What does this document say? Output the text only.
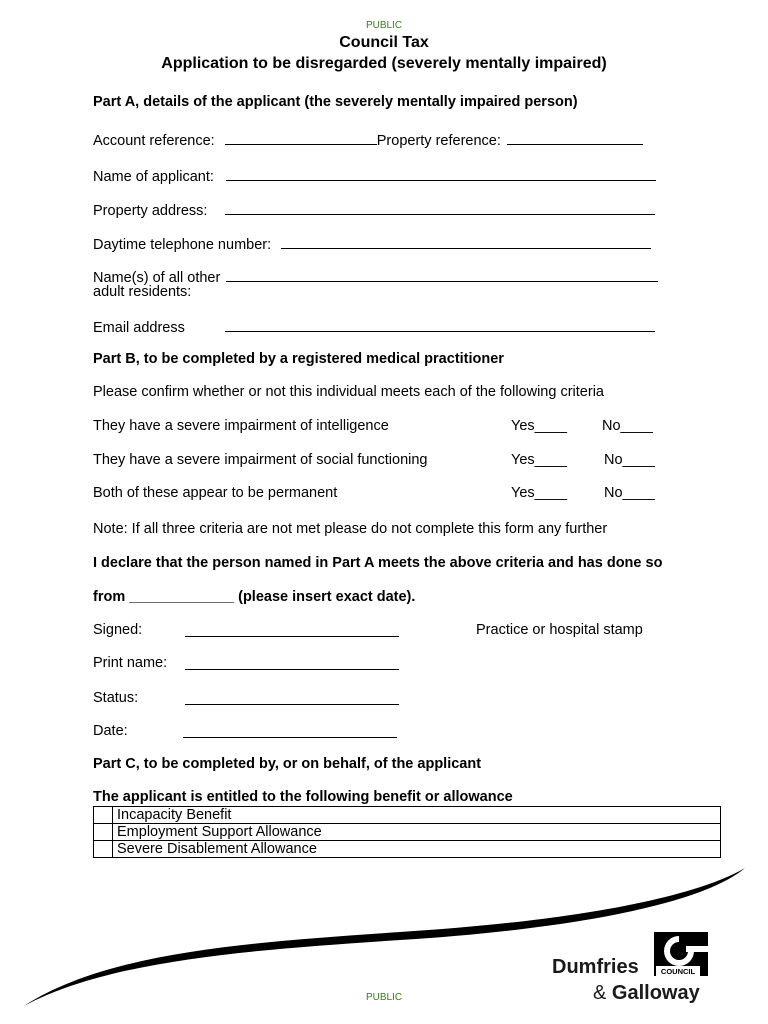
PUBLIC
Council Tax
Application to be disregarded (severely mentally impaired)
Part A, details of the applicant (the severely mentally impaired person)
Account reference:	Property reference:
Name of applicant:
Property address:
Daytime telephone number:
Name(s) of all other
adult residents:
Email address
Part B, to be completed by a registered medical practitioner
Please confirm whether or not this individual meets each of the following criteria
They have a severe impairment of intelligence	Yes____ No____
They have a severe impairment of social functioning	Yes____	No____
Both of these appear to be permanent	Yes____	No____
Note: If all three criteria are not met please do not complete this form any further
I declare that the person named in Part A meets the above criteria and has done so
from _____________ (please insert exact date).
Signed:	Practice or hospital stamp
Print name:
Status:
Date:
Part C, to be completed by, or on behalf, of the applicant
The applicant is entitled to the following benefit or allowance
	Incapacity Benefit
	Employment Support Allowance
	Severe Disablement Allowance
COUNCIL
Dumfries
& Galloway
PUBLIC
